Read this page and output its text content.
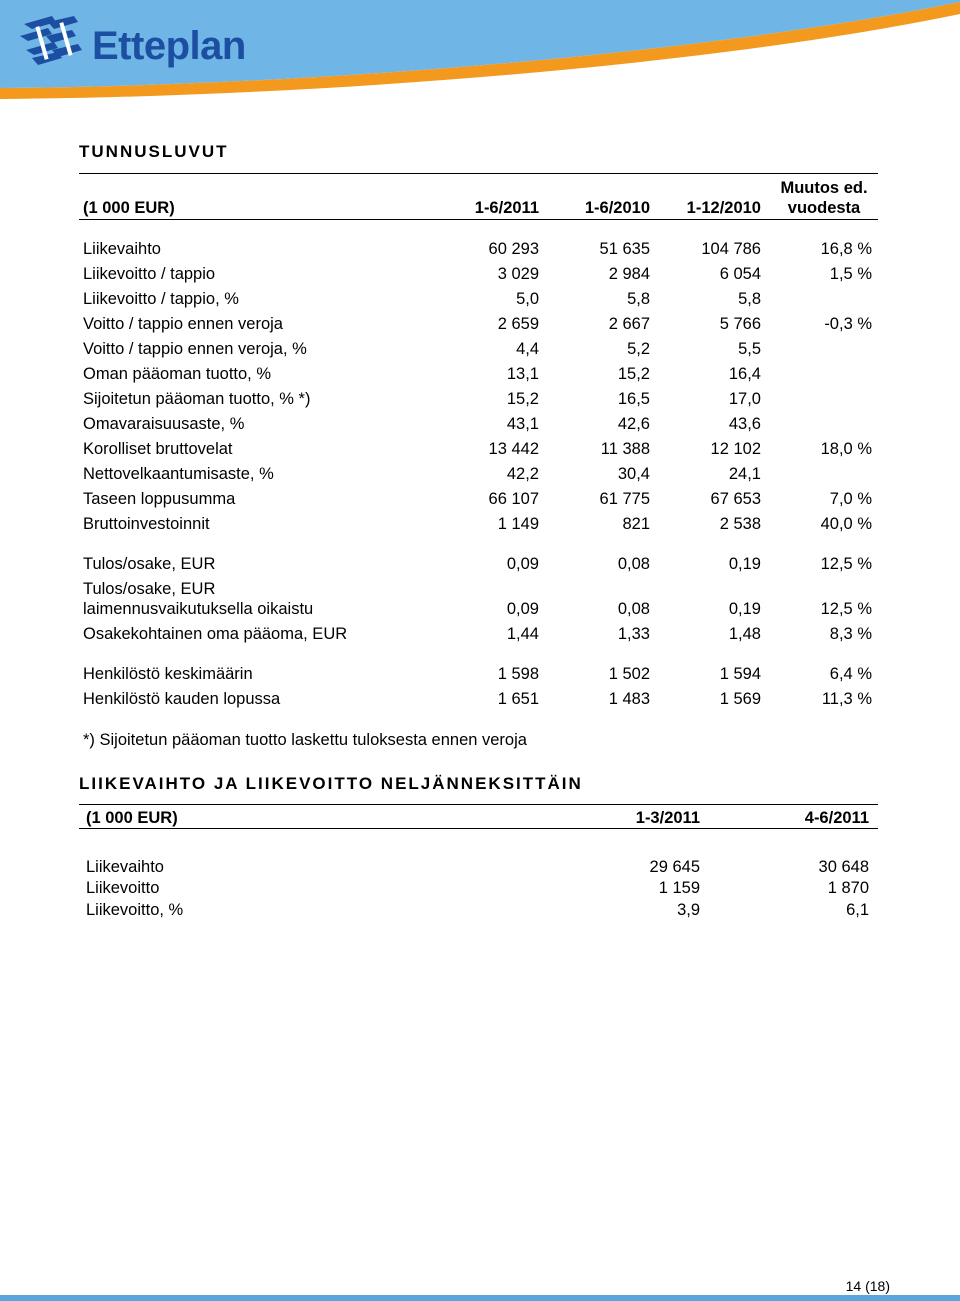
Etteplan
TUNNUSLUVUT
(1 000 EUR)	1-6/2011	1-6/2010 1-12/2010
Muutos ed.
vuodesta
Liikevaihto	60 293	51 635	104 786	16,8 %
Liikevoitto / tappio	3 029	2 984	6 054	1,5 %
Liikevoitto / tappio, %	5,0	5,8	5,8
Voitto / tappio ennen veroja	2 659	2 667	5 766	-0,3 %
Voitto / tappio ennen veroja, %	4,4	5,2	5,5
Oman pääoman tuotto, %	13,1	15,2	16,4
Sijoitetun pääoman tuotto, % *)	15,2	16,5	17,0
Omavaraisuusaste, %	43,1	42,6	43,6
Korolliset bruttovelat	13 442	11 388	12 102	18,0 %
Nettovelkaantumisaste, %	42,2	30,4	24,1
Taseen loppusumma	66 107	61 775	67 653	7,0 %
Bruttoinvestoinnit	1 149	821	2 538	40,0 %
Tulos/osake, EUR	0,09	0,08	0,19	12,5 %
Tulos/osake, EUR
laimennusvaikutuksella oikaistu	0,09	0,08	0,19	12,5 %
Osakekohtainen oma pääoma, EUR	1,44	1,33	1,48	8,3 %
Henkilöstö keskimäärin	1 598	1 502	1 594	6,4 %
Henkilöstö kauden lopussa	1 651	1 483	1 569	11,3 %
*) Sijoitetun pääoman tuotto laskettu tuloksesta ennen veroja
LIIKEVAIHTO JA LIIKEVOITTO NELJÄNNEKSITTÄIN
(1 000 EUR)	1-3/2011	4-6/2011
Liikevaihto	29 645	30 648
Liikevoitto	1 159	1 870
Liikevoitto, %	3,9	6,1
14 (18)
